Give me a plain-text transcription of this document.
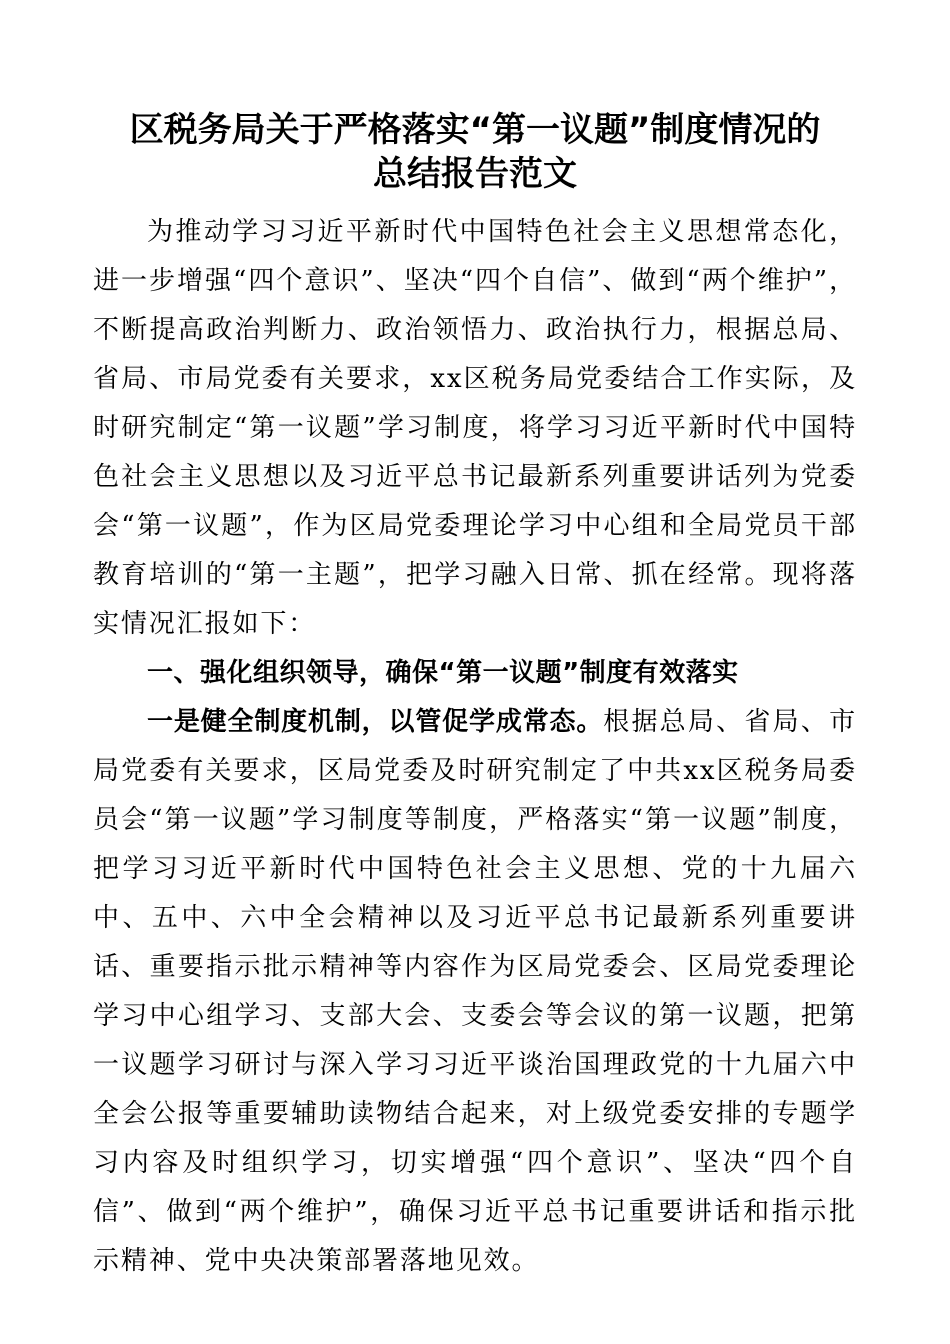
区税务局关于严格落实“第一议题”制度情况的
总结报告范文

为推动学习习近平新时代中国特色社会主义思想常态化，进一步增强“四个意识”、坚决“四个自信”、做到“两个维护”，不断提高政治判断力、政治领悟力、政治执行力，根据总局、省局、市局党委有关要求，xx区税务局党委结合工作实际，及时研究制定“第一议题”学习制度，将学习习近平新时代中国特色社会主义思想以及习近平总书记最新系列重要讲话列为党委会“第一议题”，作为区局党委理论学习中心组和全局党员干部教育培训的“第一主题”，把学习融入日常、抓在经常。现将落实情况汇报如下：

一、强化组织领导，确保“第一议题”制度有效落实

一是健全制度机制，以管促学成常态。根据总局、省局、市局党委有关要求，区局党委及时研究制定了中共xx区税务局委员会“第一议题”学习制度等制度，严格落实“第一议题”制度，把学习习近平新时代中国特色社会主义思想、党的十九届六中、五中、六中全会精神以及习近平总书记最新系列重要讲话、重要指示批示精神等内容作为区局党委会、区局党委理论学习中心组学习、支部大会、支委会等会议的第一议题，把第一议题学习研讨与深入学习习近平谈治国理政党的十九届六中全会公报等重要辅助读物结合起来，对上级党委安排的专题学习内容及时组织学习，切实增强“四个意识”、坚决“四个自信”、做到“两个维护”，确保习近平总书记重要讲话和指示批示精神、党中央决策部署落地见效。
